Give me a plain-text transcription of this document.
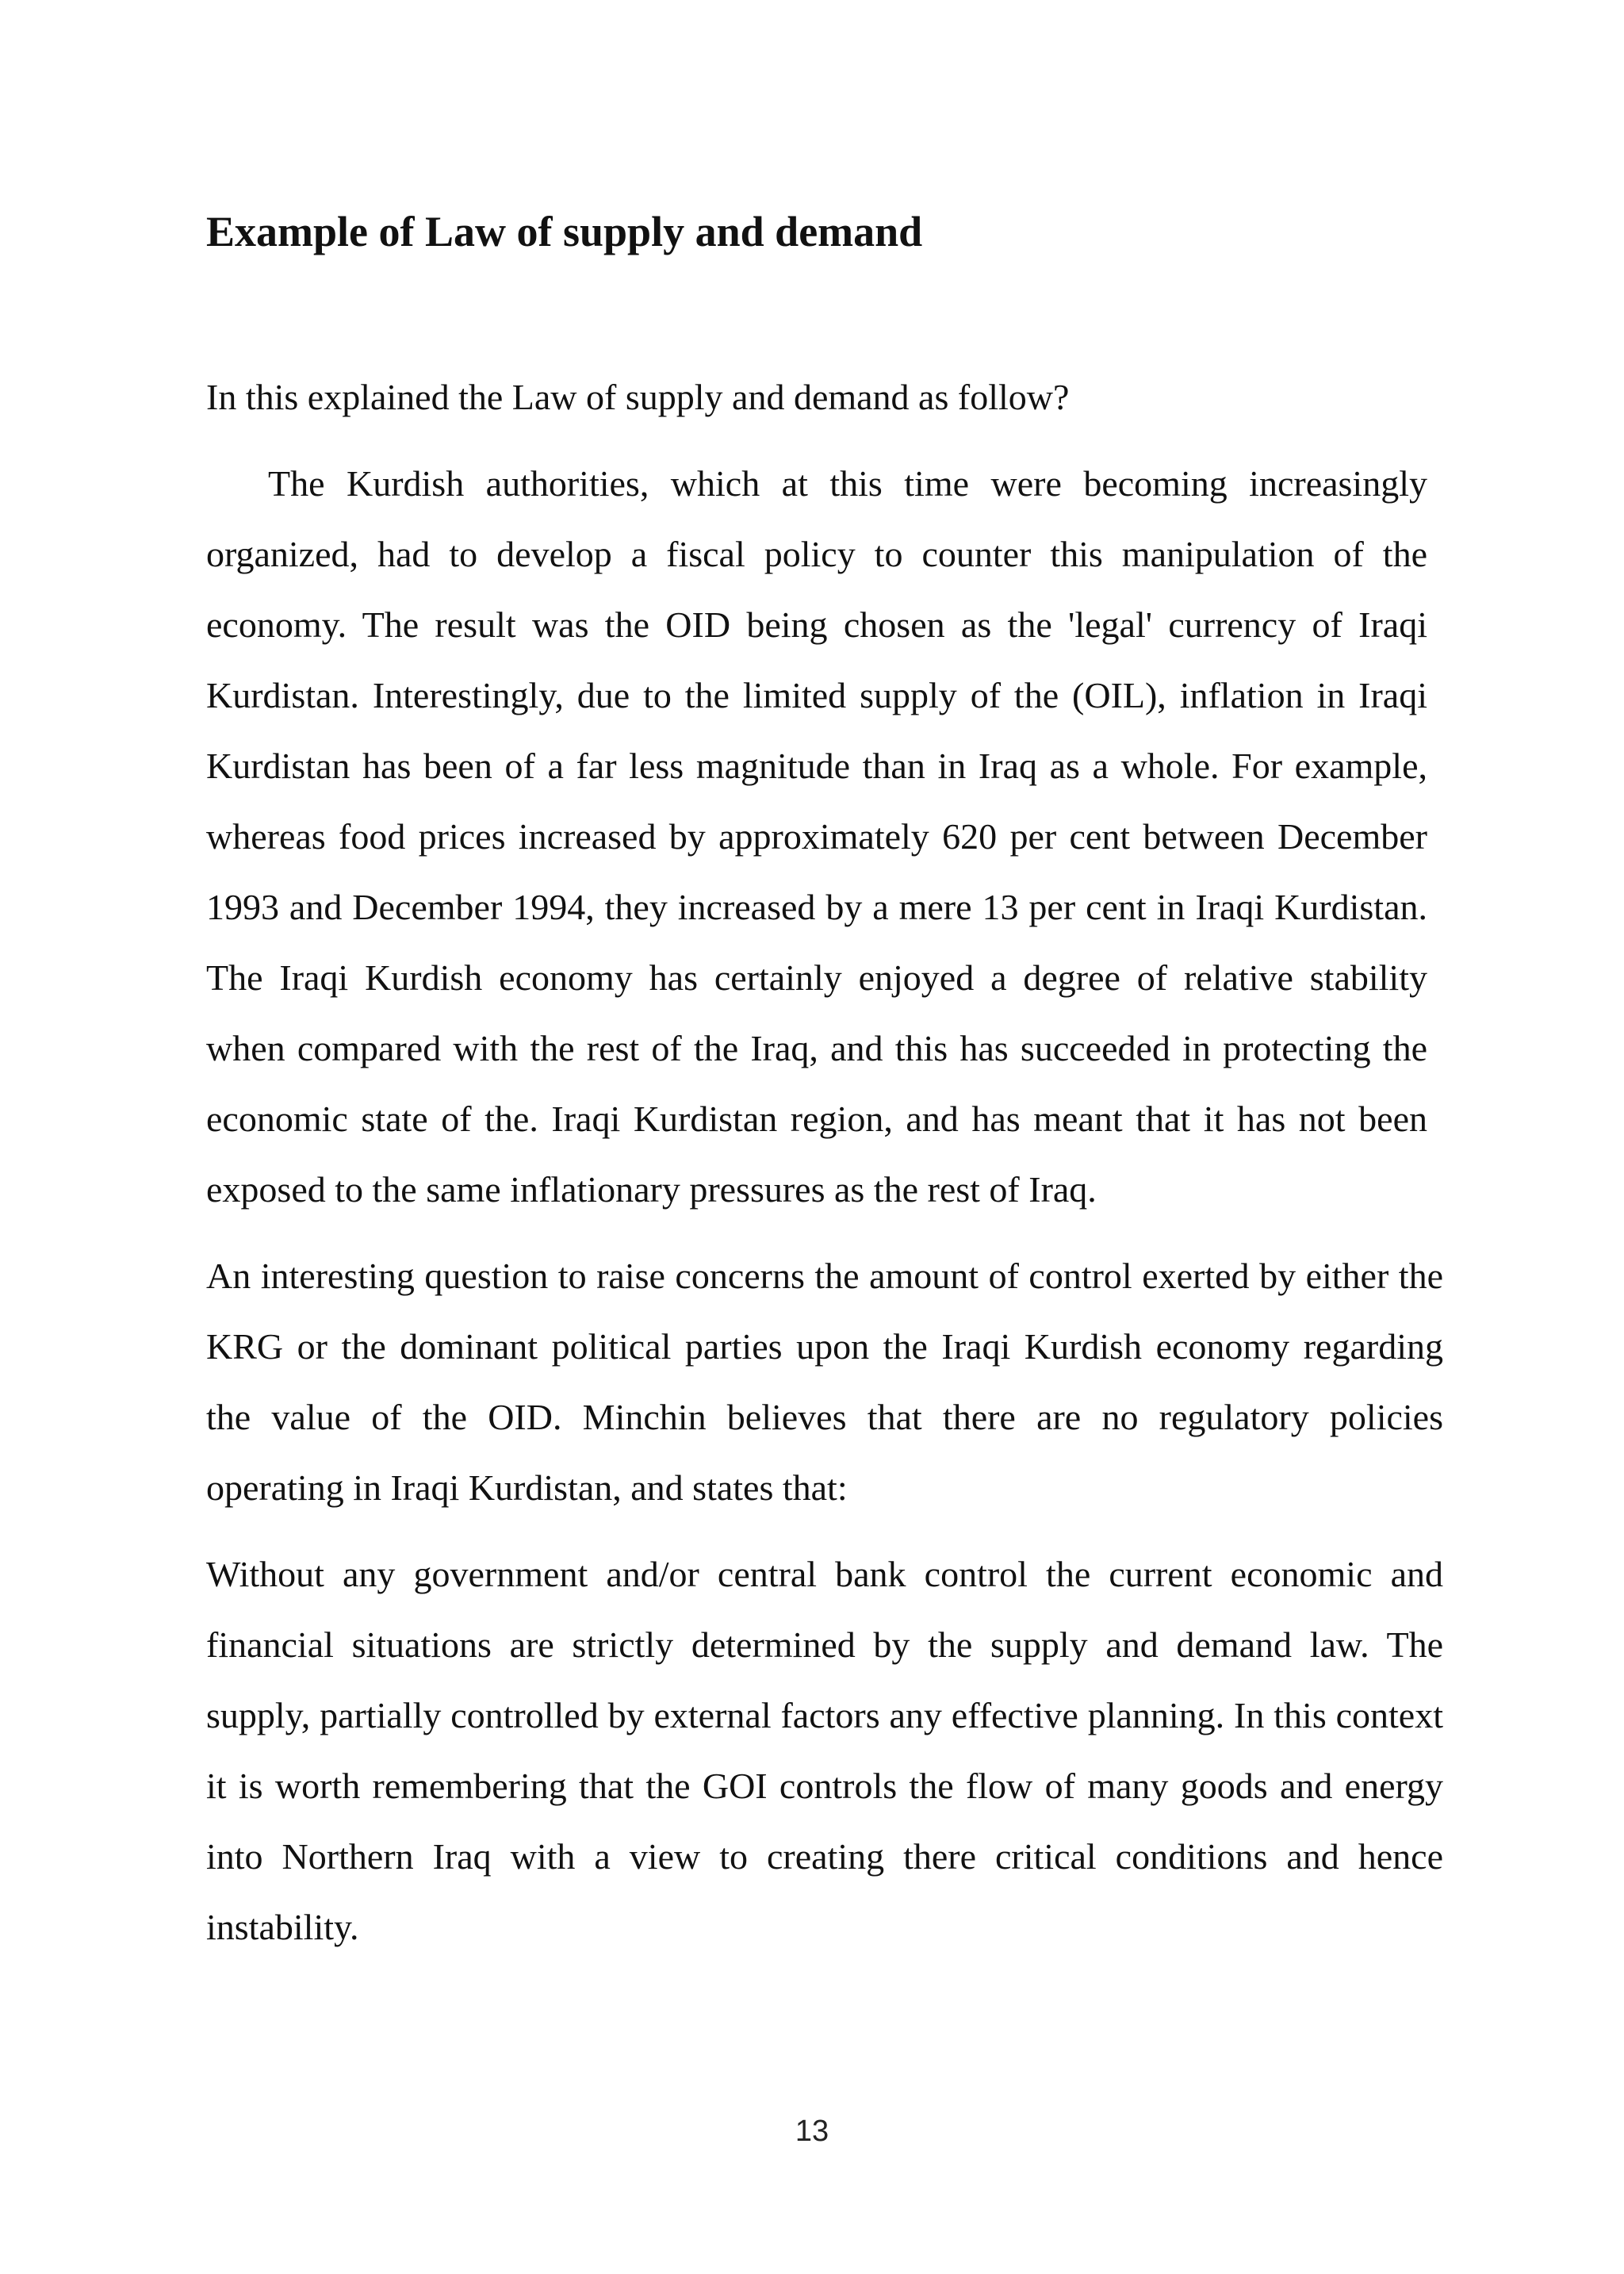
Example of Law of supply and demand

In this explained the Law of supply and demand as follow?

The Kurdish authorities, which at this time were becoming increasingly organized, had to develop a fiscal policy to counter this manipulation of the economy. The result was the OID being chosen as the 'legal' currency of Iraqi Kurdistan. Interestingly, due to the limited supply of the (OIL), inflation in Iraqi Kurdistan has been of a far less magnitude than in Iraq as a whole. For example, whereas food prices increased by approximately 620 per cent between December 1993 and December 1994, they increased by a mere 13 per cent in Iraqi Kurdistan. The Iraqi Kurdish economy has certainly enjoyed a degree of relative stability when compared with the rest of the Iraq, and this has succeeded in protecting the economic state of the. Iraqi Kurdistan region, and has meant that it has not been exposed to the same inflationary pressures as the rest of Iraq.

An interesting question to raise concerns the amount of control exerted by either the KRG or the dominant political parties upon the Iraqi Kurdish economy regarding the value of the OID. Minchin believes that there are no regulatory policies operating in Iraqi Kurdistan, and states that:

Without any government and/or central bank control the current economic and financial situations are strictly determined by the supply and demand law. The supply, partially controlled by external factors any effective planning. In this context it is worth remembering that the GOI controls the flow of many goods and energy into Northern Iraq with a view to creating there critical conditions and hence instability.

13
